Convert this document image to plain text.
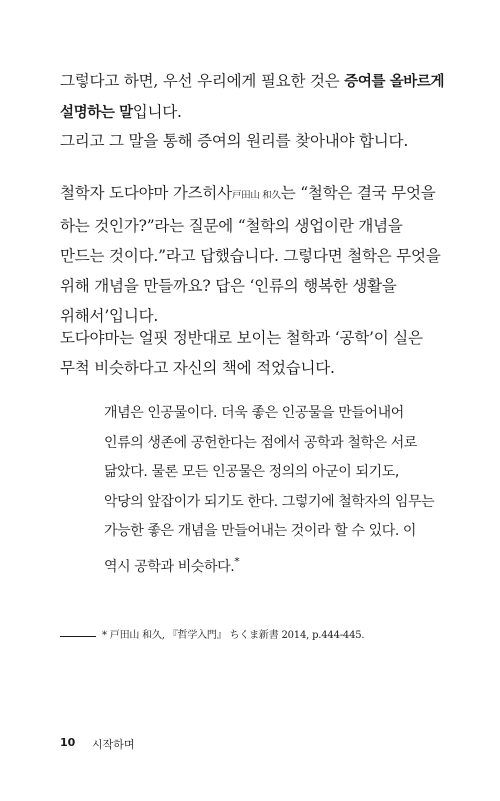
그렇다고 하면, 우선 우리에게 필요한 것은 증여를 올바르게
설명하는 말입니다.

그리고 그 말을 통해 증여의 원리를 찾아내야 합니다.

철학자 도다야마 가즈히사戸田山 和久는 “철학은 결국 무엇을
하는 것인가?”라는 질문에 “철학의 생업이란 개념을
만드는 것이다.”라고 답했습니다. 그렇다면 철학은 무엇을
위해 개념을 만들까요? 답은 ‘인류의 행복한 생활을
위해서’입니다.

도다야마는 얼핏 정반대로 보이는 철학과 ‘공학’이 실은
무척 비슷하다고 자신의 책에 적었습니다.

개념은 인공물이다. 더욱 좋은 인공물을 만들어내어
인류의 생존에 공헌한다는 점에서 공학과 철학은 서로
닮았다. 물론 모든 인공물은 정의의 아군이 되기도,
악당의 앞잡이가 되기도 한다. 그렇기에 철학자의 임무는
가능한 좋은 개념을 만들어내는 것이라 할 수 있다. 이
역시 공학과 비슷하다.*

* 戸田山 和久, 『哲学入門』 ちくま新書 2014, p.444-445.
10 시작하며
